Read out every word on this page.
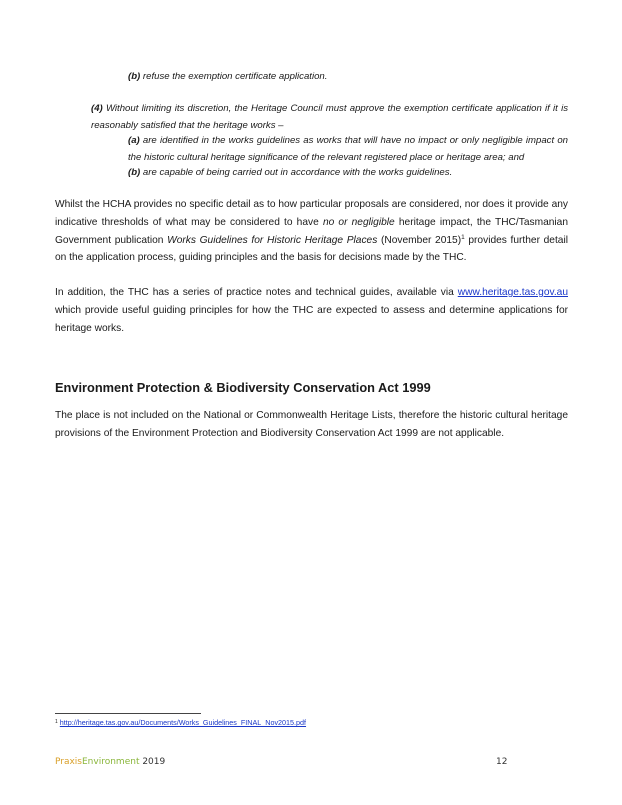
(b) refuse the exemption certificate application.
(4) Without limiting its discretion, the Heritage Council must approve the exemption certificate application if it is reasonably satisfied that the heritage works –
(a) are identified in the works guidelines as works that will have no impact or only negligible impact on the historic cultural heritage significance of the relevant registered place or heritage area; and
(b) are capable of being carried out in accordance with the works guidelines.
Whilst the HCHA provides no specific detail as to how particular proposals are considered, nor does it provide any indicative thresholds of what may be considered to have no or negligible heritage impact, the THC/Tasmanian Government publication Works Guidelines for Historic Heritage Places (November 2015)$^1$ provides further detail on the application process, guiding principles and the basis for decisions made by the THC.
In addition, the THC has a series of practice notes and technical guides, available via www.heritage.tas.gov.au which provide useful guiding principles for how the THC are expected to assess and determine applications for heritage works.
Environment Protection & Biodiversity Conservation Act 1999
The place is not included on the National or Commonwealth Heritage Lists, therefore the historic cultural heritage provisions of the Environment Protection and Biodiversity Conservation Act 1999 are not applicable.
$^1$ http://heritage.tas.gov.au/Documents/Works_Guidelines_FINAL_Nov2015.pdf
PraxisEnvironment 2019	12
